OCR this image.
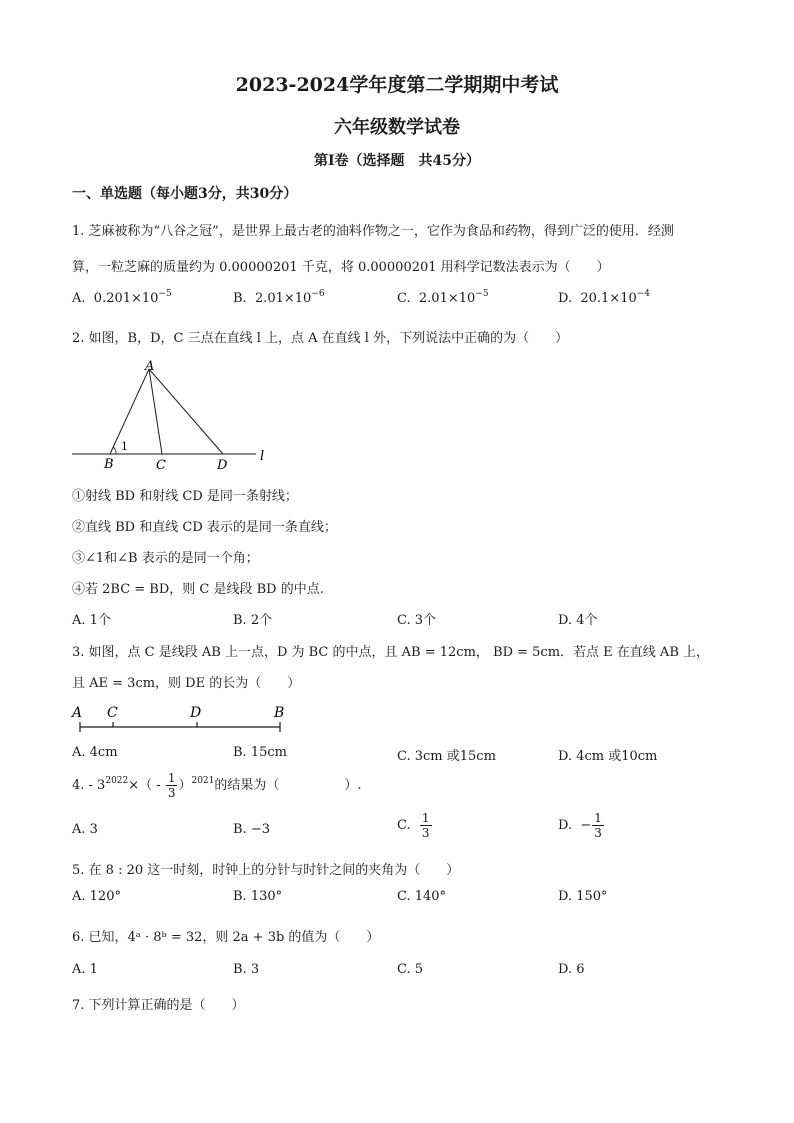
2023-2024学年度第二学期期中考试
六年级数学试卷
第Ⅰ卷（选择题　共45分）
一、单选题（每小题3分，共30分）
1. 芝麻被称为“八谷之冠”，是世界上最古老的油料作物之一，它作为食品和药物，得到广泛的使用．经测
算，一粒芝麻的质量约为 0.00000201 千克，将 0.00000201 用科学记数法表示为（　　）
A. $0.201\times 10^{-5}$	B. $2.01\times 10^{-6}$	C. $2.01\times 10^{-5}$	D. $20.1\times 10^{-4}$
2. 如图，B，D，C 三点在直线 l 上，点 A 在直线 l 外，下列说法中正确的为（　　）
A
B	C	D
l
1
①射线 BD 和射线 CD 是同一条射线；
②直线 BD 和直线 CD 表示的是同一条直线；
③∠1和∠B 表示的是同一个角；
④若 2BC = BD，则 C 是线段 BD 的中点.
A. 1个	B. 2个	C. 3个	D. 4个
3. 如图，点 C 是线段 AB 上一点，D 为 BC 的中点，且 AB = 12cm， BD = 5cm．若点 E 在直线 AB 上，
且 AE = 3cm，则 DE 的长为（　　）
A C	D	B
A. 4cm	B. 15cm	C. 3cm 或15cm	D. 4cm 或10cm
4. - $3^{2022}\times( - \frac{1}{3} )^{2021}$的结果为（　　　　　）.
A. 3	B. −3	C. $\frac{1}{3}$	D. − $\frac{1}{3}$
5. 在 8 : 20 这一时刻，时钟上的分针与时针之间的夹角为（　　）
A. 120°	B. 130°	C. 140°	D. 150°
6. 已知，4ᵃ · 8ᵇ = 32，则 2a + 3b 的值为（　　）
A. 1	B. 3	C. 5	D. 6
7. 下列计算正确的是（　　）
